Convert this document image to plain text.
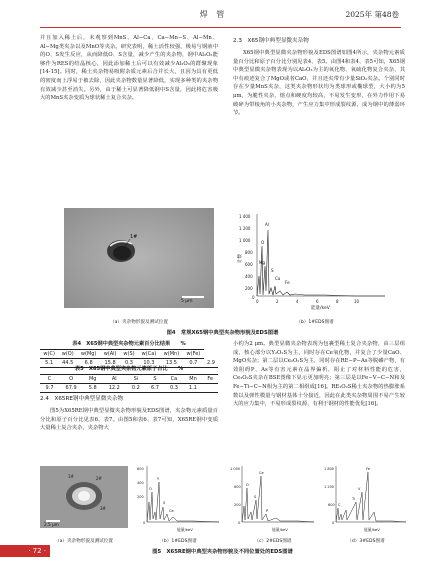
焊 管	2025年 第48卷

并且加入稀土后，未观察到MnS、Al−Ca、Ca−Mn−S、Al−Mn、Al−Mg类夹杂以及MnO等夹杂。研究表明，稀土活性较强，极易与钢液中的O、S发生反应，从而降低O、S含量，减少产生的夹杂物，钢中Al₂O₃能够作为RES的结晶核心，因此添加稀土后可以有效减少Al₂O₃的群聚现象[14-15]。同时，稀土夹杂物易吸附杂质元素后合并长大，且因为具有更低的密度而上浮易于被去除，因此夹杂物数量显著降低，实现多种类的夹杂物有效减少甚至消失。另外，由于稀土可显著降低钢中S含量，因此将危害极大的MnS夹杂变质为球状稀土复合夹杂。

2.3　X65钢中典型显微夹杂物

X65钢中典型显微夹杂物形貌及EDS图谱如图4所示，夹杂物元素质量百分比和原子百分比分别见表4、表5。由图4和表4、表5可知，X65钢中典型显微夹杂物表现为以Al₂O₃为主的氧化物、氧硫化物复合夹杂，其中有痕迹复合了MgO或者CaO，并且还夹带有少量SiO₂夹杂。个别同时存在少量MnS夹杂，这类夹杂物形状均为类球形或椭球型，大小约为5 μm，为脆性夹杂，熔点和硬度均较高，不易发生变形，在外力作用下易破碎为带棱角的小夹杂物，产生应力集中形成裂纹源，成为钢中的薄弱环节。

1#
5 μm
（a）夹杂物形貌及测试位置
1 400
1 200
1 000
800
600
400
200
0
0	2	4	6	8	10
O
Al
Mg
S
Ca
Fe
计数
能量/keV
（b）1#EDS图谱
图4　常规X65钢中典型夹杂物形貌及EDS图谱
表4　X65钢中典型夹杂物元素百分比结果　　%
w(C)	w(O)	w(Mg)	w(Al)	w(S)	w(Ca)	w(Mn)	w(Fe)	
5.1	44.5	6.8	15.8	0.3	10.3	13.5	0.7	2.9
表5　X65钢中典型夹杂物元素原子占比　　%
C	O	Mg	Al	Si	S	Ca	Mn	Fe
9.7	67.9	5.8	12.2	0.2	6.7	0.3	1.1	
2.4　X65RE钢中典型显微夹杂物

图5为X65RE钢中典型显微夹杂物形貌及EDS图谱，夹杂物元素质量百分比和原子百分比见表6、表7。由图5和表6、表7可知，X65RE钢中变质大量稀土复合夹杂，夹杂物大

小约为2 μm。典型显微夹杂物表现为包裹型稀土复合夹杂物，由三层组成，核心部分以Y₂O₂S为主，同时存在Ce氧化物，并复合了少量CaO、MgO夹杂；第二层以Ce₂O₂S为主，同时存在RE−P−As等脱磷产物，有效阻碍P、As等有害元素在晶界偏析，阻止了对材料性能的危害，Ce₂O₂S夹杂在BSE图像下显示更加明亮；第三层是以Fe−V−C−N和及Fe−Ti−C−N相为主的第二相组成[16]。RE₂O₂S稀土夹杂物的热膨胀系数以及弹性模量与钢材基体十分接近，因此在此类夹杂物周围不易产生较大的应力集中，不易形成裂纹源，有利于钢材的性能优化[16]。

1#	2#
3#
2.5 μm
（a）夹杂物形貌及测试位置
600
400
200
0
Y
O
S
Ce
能量/keV
（b）1#EDS图谱
1 000
600
200
0
Ce
O
S
P
能量/keV
（c）2#EDS图谱
1 800
1 200
600
0
Fe
V
Ti
C
能量/keV
（d）3#EDS图谱
图5　X65RE钢中典型夹杂物形貌及不同位置处的EDS图谱
· 72 ·
